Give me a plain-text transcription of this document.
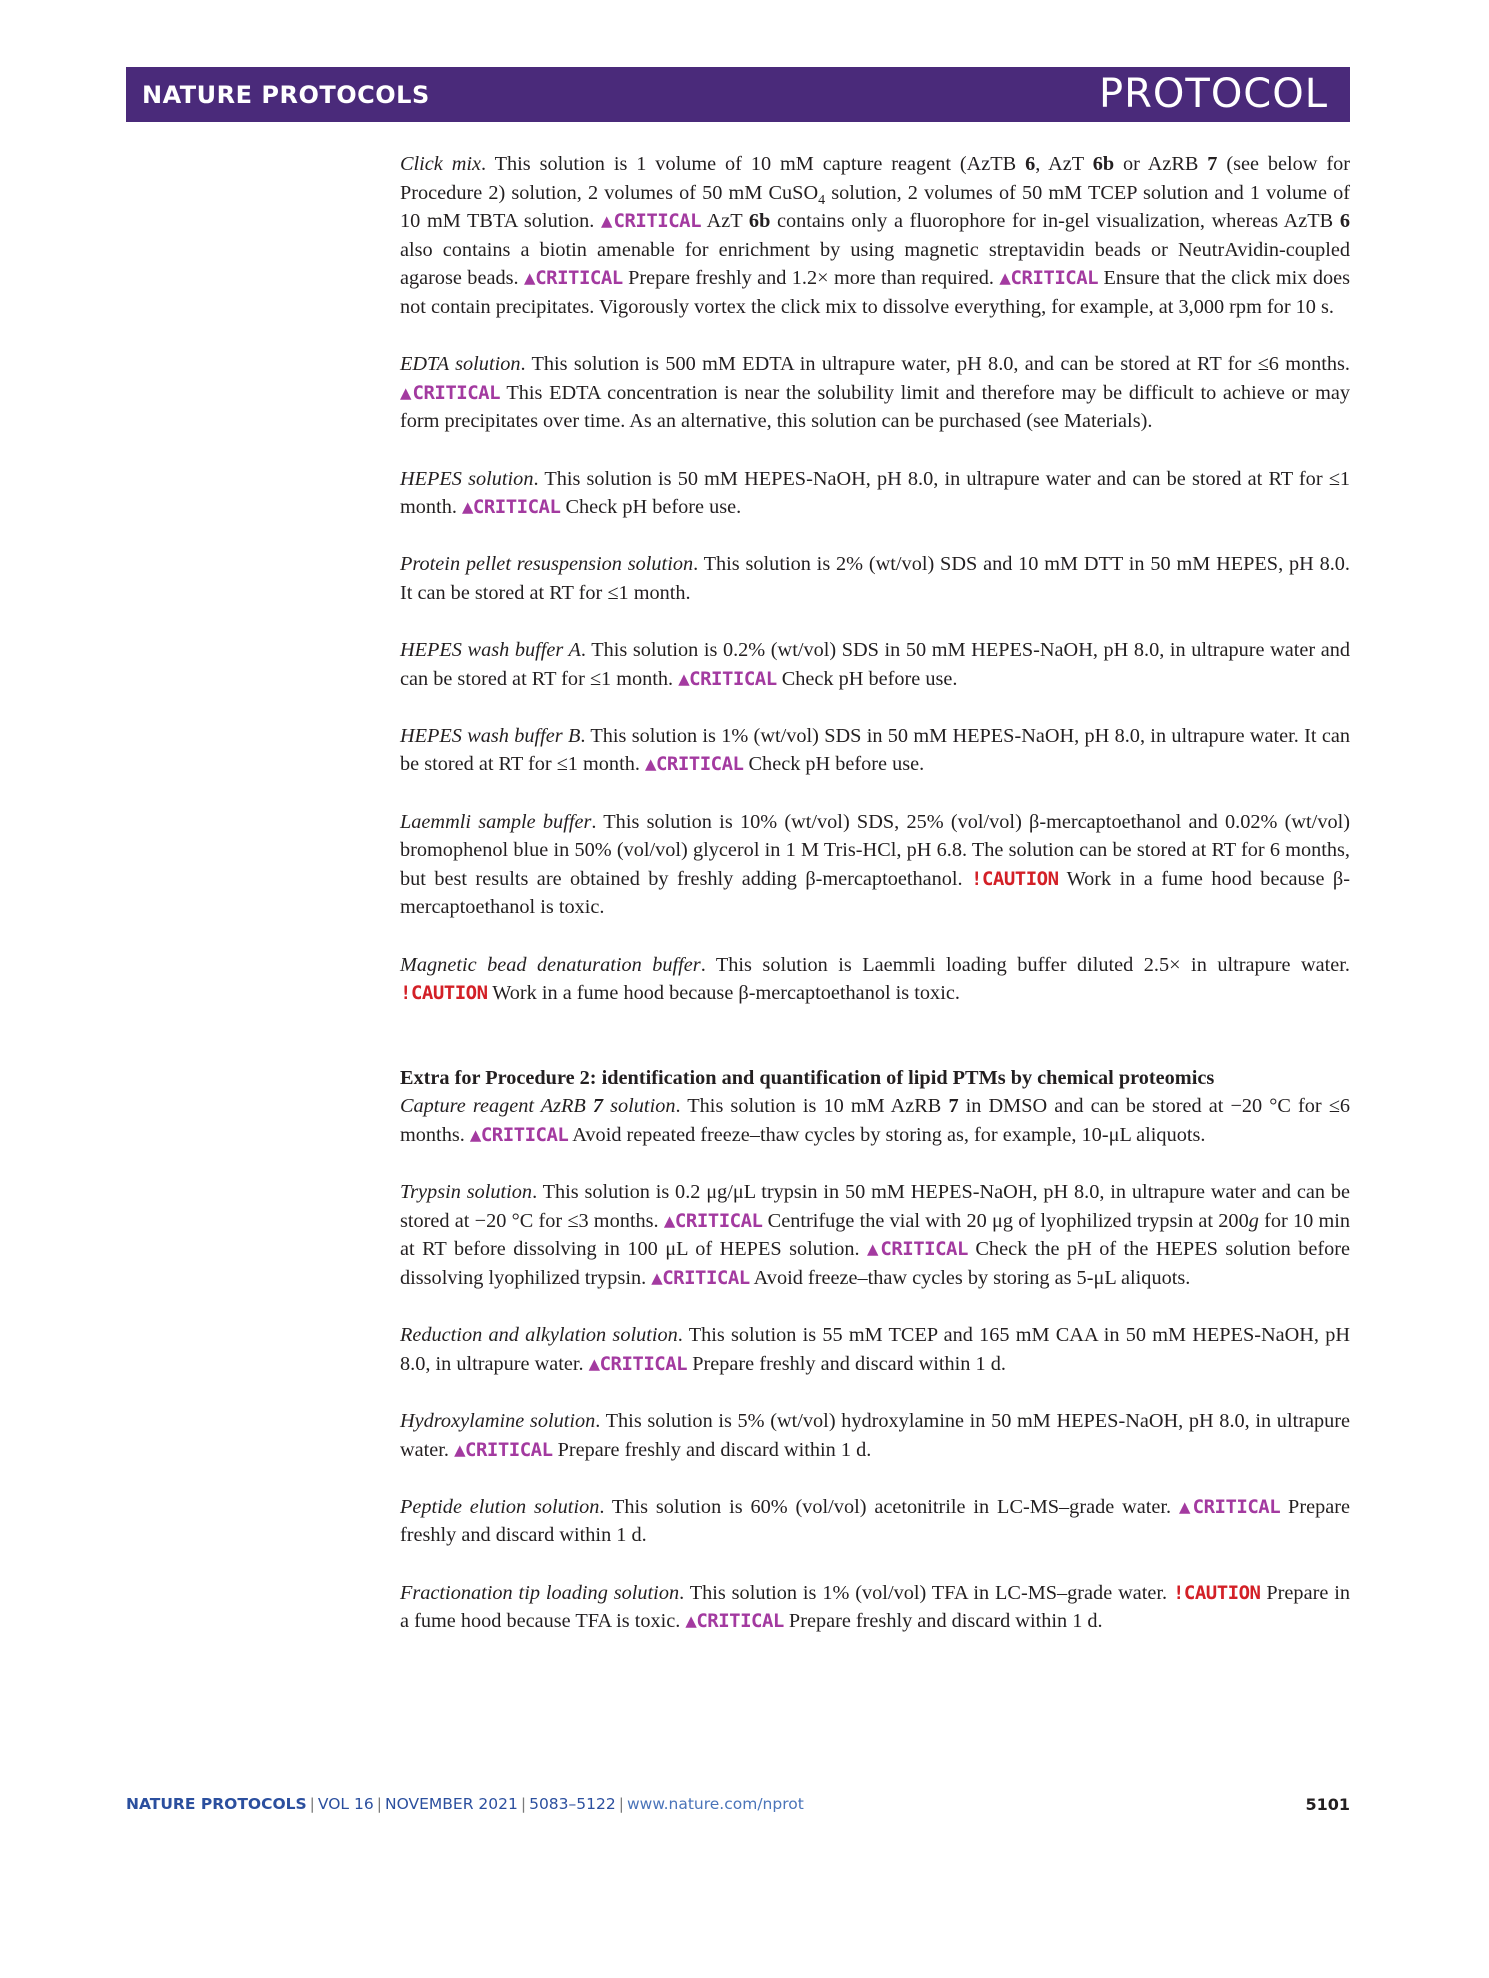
NATURE PROTOCOLS	PROTOCOL

Click mix. This solution is 1 volume of 10 mM capture reagent (AzTB 6, AzT 6b or AzRB 7 (see below for Procedure 2) solution, 2 volumes of 50 mM CuSO$_4$ solution, 2 volumes of 50 mM TCEP solution and 1 volume of 10 mM TBTA solution. ▲CRITICAL AzT 6b contains only a fluorophore for in-gel visualization, whereas AzTB 6 also contains a biotin amenable for enrichment by using magnetic streptavidin beads or NeutrAvidin-coupled agarose beads. ▲CRITICAL Prepare freshly and 1.2× more than required. ▲CRITICAL Ensure that the click mix does not contain precipitates. Vigorously vortex the click mix to dissolve everything, for example, at 3,000 rpm for 10 s.

EDTA solution. This solution is 500 mM EDTA in ultrapure water, pH 8.0, and can be stored at RT for ≤6 months. ▲CRITICAL This EDTA concentration is near the solubility limit and therefore may be difficult to achieve or may form precipitates over time. As an alternative, this solution can be purchased (see Materials).

HEPES solution. This solution is 50 mM HEPES-NaOH, pH 8.0, in ultrapure water and can be stored at RT for ≤1 month. ▲CRITICAL Check pH before use.

Protein pellet resuspension solution. This solution is 2% (wt/vol) SDS and 10 mM DTT in 50 mM HEPES, pH 8.0. It can be stored at RT for ≤1 month.

HEPES wash buffer A. This solution is 0.2% (wt/vol) SDS in 50 mM HEPES-NaOH, pH 8.0, in ultrapure water and can be stored at RT for ≤1 month. ▲CRITICAL Check pH before use.

HEPES wash buffer B. This solution is 1% (wt/vol) SDS in 50 mM HEPES-NaOH, pH 8.0, in ultrapure water. It can be stored at RT for ≤1 month. ▲CRITICAL Check pH before use.

Laemmli sample buffer. This solution is 10% (wt/vol) SDS, 25% (vol/vol) β-mercaptoethanol and 0.02% (wt/vol) bromophenol blue in 50% (vol/vol) glycerol in 1 M Tris-HCl, pH 6.8. The solution can be stored at RT for 6 months, but best results are obtained by freshly adding β-mercaptoethanol. !CAUTION Work in a fume hood because β-mercaptoethanol is toxic.

Magnetic bead denaturation buffer. This solution is Laemmli loading buffer diluted 2.5× in ultrapure water. !CAUTION Work in a fume hood because β-mercaptoethanol is toxic.

Extra for Procedure 2: identification and quantification of lipid PTMs by chemical proteomics
Capture reagent AzRB 7 solution. This solution is 10 mM AzRB 7 in DMSO and can be stored at −20 °C for ≤6 months. ▲CRITICAL Avoid repeated freeze–thaw cycles by storing as, for example, 10-μL aliquots.

Trypsin solution. This solution is 0.2 μg/μL trypsin in 50 mM HEPES-NaOH, pH 8.0, in ultrapure water and can be stored at −20 °C for ≤3 months. ▲CRITICAL Centrifuge the vial with 20 μg of lyophilized trypsin at 200g for 10 min at RT before dissolving in 100 μL of HEPES solution. ▲CRITICAL Check the pH of the HEPES solution before dissolving lyophilized trypsin. ▲CRITICAL Avoid freeze–thaw cycles by storing as 5-μL aliquots.

Reduction and alkylation solution. This solution is 55 mM TCEP and 165 mM CAA in 50 mM HEPES-NaOH, pH 8.0, in ultrapure water. ▲CRITICAL Prepare freshly and discard within 1 d.

Hydroxylamine solution. This solution is 5% (wt/vol) hydroxylamine in 50 mM HEPES-NaOH, pH 8.0, in ultrapure water. ▲CRITICAL Prepare freshly and discard within 1 d.

Peptide elution solution. This solution is 60% (vol/vol) acetonitrile in LC-MS–grade water. ▲CRITICAL Prepare freshly and discard within 1 d.

Fractionation tip loading solution. This solution is 1% (vol/vol) TFA in LC-MS–grade water. !CAUTION Prepare in a fume hood because TFA is toxic. ▲CRITICAL Prepare freshly and discard within 1 d.

NATURE PROTOCOLS | VOL 16 | NOVEMBER 2021 | 5083–5122 | www.nature.com/nprot	5101
